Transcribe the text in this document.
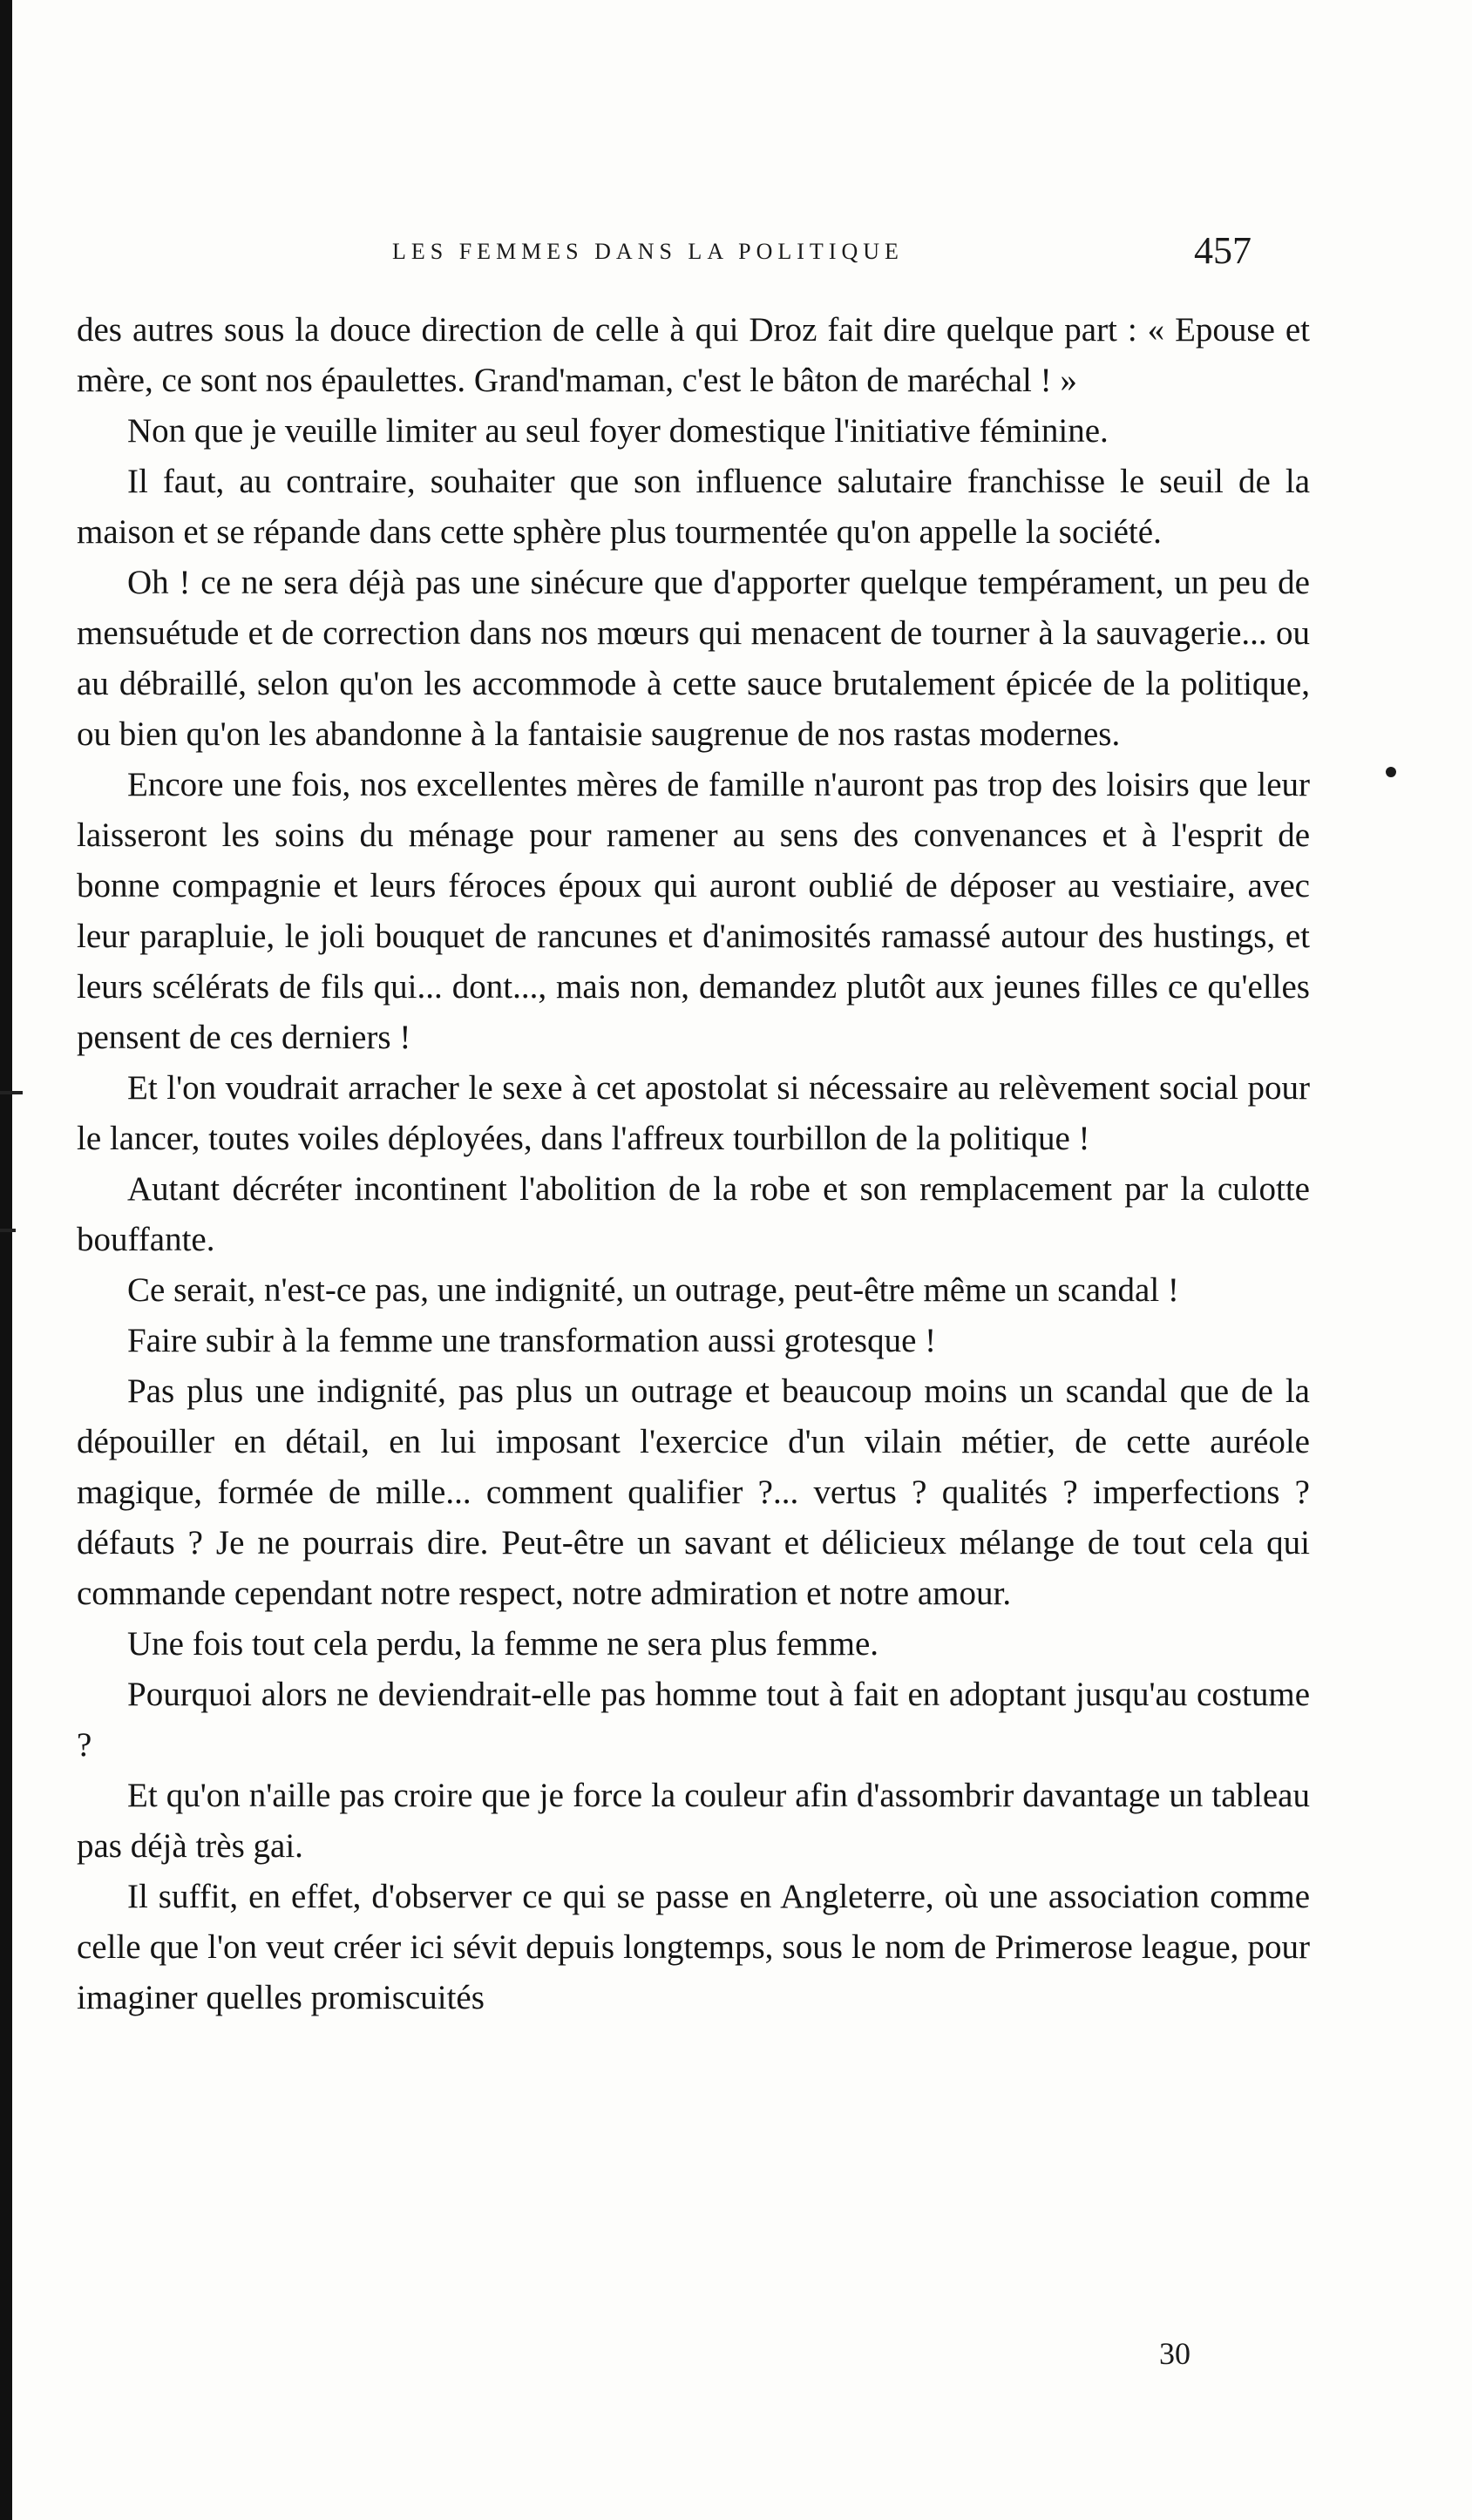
LES FEMMES DANS LA POLITIQUE	457

des autres sous la douce direction de celle à qui Droz fait dire quelque part : « Epouse et mère, ce sont nos épaulettes. Grand'maman, c'est le bâton de maréchal ! »

Non que je veuille limiter au seul foyer domestique l'initiative féminine.

Il faut, au contraire, souhaiter que son influence salutaire franchisse le seuil de la maison et se répande dans cette sphère plus tourmentée qu'on appelle la société.

Oh ! ce ne sera déjà pas une sinécure que d'apporter quelque tempérament, un peu de mensuétude et de correction dans nos mœurs qui menacent de tourner à la sauvagerie... ou au débraillé, selon qu'on les accommode à cette sauce brutalement épicée de la politique, ou bien qu'on les abandonne à la fantaisie saugrenue de nos rastas modernes.

Encore une fois, nos excellentes mères de famille n'auront pas trop des loisirs que leur laisseront les soins du ménage pour ramener au sens des convenances et à l'esprit de bonne compagnie et leurs féroces époux qui auront oublié de déposer au vestiaire, avec leur parapluie, le joli bouquet de rancunes et d'animosités ramassé autour des hustings, et leurs scélérats de fils qui... dont..., mais non, demandez plutôt aux jeunes filles ce qu'elles pensent de ces derniers !

Et l'on voudrait arracher le sexe à cet apostolat si nécessaire au relèvement social pour le lancer, toutes voiles déployées, dans l'affreux tourbillon de la politique !

Autant décréter incontinent l'abolition de la robe et son remplacement par la culotte bouffante.

Ce serait, n'est-ce pas, une indignité, un outrage, peut-être même un scandal !

Faire subir à la femme une transformation aussi grotesque !

Pas plus une indignité, pas plus un outrage et beaucoup moins un scandal que de la dépouiller en détail, en lui imposant l'exercice d'un vilain métier, de cette auréole magique, formée de mille... comment qualifier ?... vertus ? qualités ? imperfections ? défauts ? Je ne pourrais dire. Peut-être un savant et délicieux mélange de tout cela qui commande cependant notre respect, notre admiration et notre amour.

Une fois tout cela perdu, la femme ne sera plus femme.

Pourquoi alors ne deviendrait-elle pas homme tout à fait en adoptant jusqu'au costume ?

Et qu'on n'aille pas croire que je force la couleur afin d'assombrir davantage un tableau pas déjà très gai.

Il suffit, en effet, d'observer ce qui se passe en Angleterre, où une association comme celle que l'on veut créer ici sévit depuis longtemps, sous le nom de Primerose league, pour imaginer quelles promiscuités

30
